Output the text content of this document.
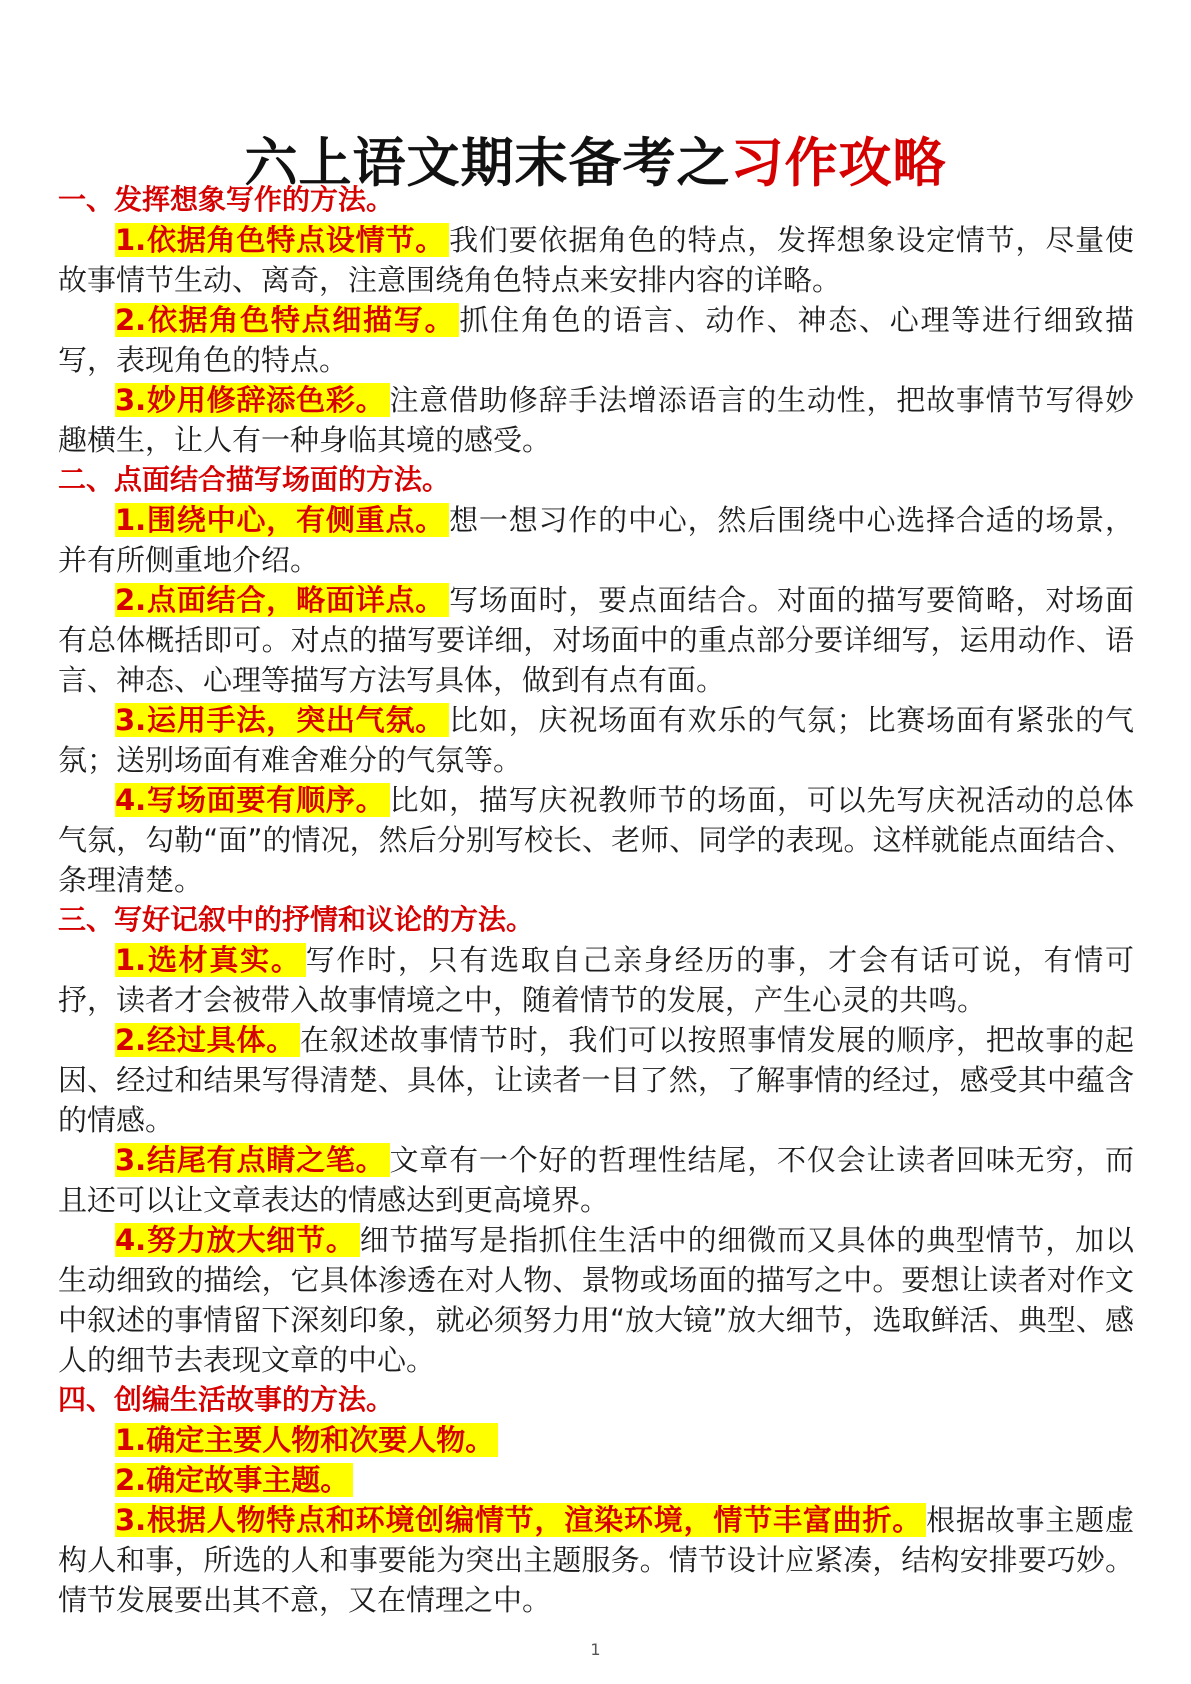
六上语文期末备考之习作攻略
一、发挥想象写作的方法。

1.依据角色特点设情节。 我们要依据角色的特点，发挥想象设定情节，尽量使故事情节生动、离奇，注意围绕角色特点来安排内容的详略。

2.依据角色特点细描写。 抓住角色的语言、动作、神态、心理等进行细致描写，表现角色的特点。

3.妙用修辞添色彩。 注意借助修辞手法增添语言的生动性，把故事情节写得妙趣横生，让人有一种身临其境的感受。

二、点面结合描写场面的方法。

1.围绕中心，有侧重点。 想一想习作的中心，然后围绕中心选择合适的场景，并有所侧重地介绍。

2.点面结合，略面详点。 写场面时，要点面结合。对面的描写要简略，对场面有总体概括即可。对点的描写要详细，对场面中的重点部分要详细写，运用动作、语言、神态、心理等描写方法写具体，做到有点有面。

3.运用手法，突出气氛。 比如，庆祝场面有欢乐的气氛；比赛场面有紧张的气氛；送别场面有难舍难分的气氛等。

4.写场面要有顺序。 比如，描写庆祝教师节的场面，可以先写庆祝活动的总体气氛，勾勒“面”的情况，然后分别写校长、老师、同学的表现。这样就能点面结合、条理清楚。

三、写好记叙中的抒情和议论的方法。

1.选材真实。 写作时，只有选取自己亲身经历的事，才会有话可说，有情可抒，读者才会被带入故事情境之中，随着情节的发展，产生心灵的共鸣。

2.经过具体。 在叙述故事情节时，我们可以按照事情发展的顺序，把故事的起因、经过和结果写得清楚、具体，让读者一目了然，了解事情的经过，感受其中蕴含的情感。

3.结尾有点睛之笔。 文章有一个好的哲理性结尾，不仅会让读者回味无穷，而且还可以让文章表达的情感达到更高境界。

4.努力放大细节。 细节描写是指抓住生活中的细微而又具体的典型情节，加以生动细致的描绘，它具体渗透在对人物、景物或场面的描写之中。要想让读者对作文中叙述的事情留下深刻印象，就必须努力用“放大镜”放大细节，选取鲜活、典型、感人的细节去表现文章的中心。

四、创编生活故事的方法。

1.确定主要人物和次要人物。

2.确定故事主题。

3.根据人物特点和环境创编情节，渲染环境，情节丰富曲折。 根据故事主题虚构人和事，所选的人和事要能为突出主题服务。情节设计应紧凑，结构安排要巧妙。情节发展要出其不意，又在情理之中。

1
